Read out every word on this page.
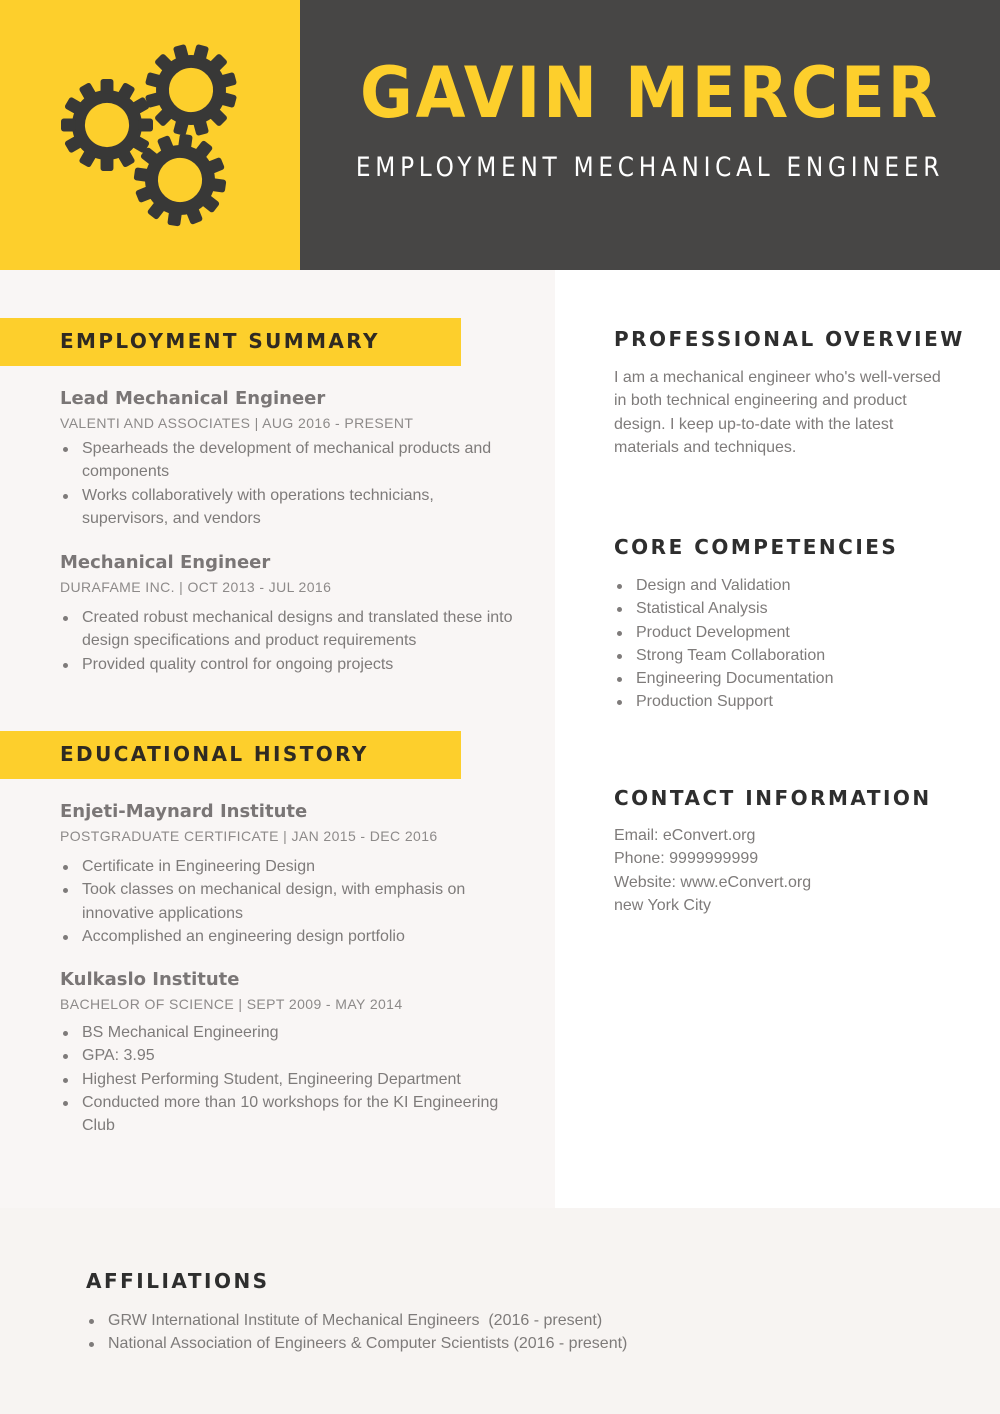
GAVIN MERCER
EMPLOYMENT MECHANICAL ENGINEER
EMPLOYMENT SUMMARY
Lead Mechanical Engineer
VALENTI AND ASSOCIATES | AUG 2016 - PRESENT
Spearheads the development of mechanical products and components
Works collaboratively with operations technicians, supervisors, and vendors
Mechanical Engineer
DURAFAME INC. | OCT 2013 - JUL 2016
Created robust mechanical designs and translated these into design specifications and product requirements
Provided quality control for ongoing projects
EDUCATIONAL HISTORY
Enjeti-Maynard Institute
POSTGRADUATE CERTIFICATE | JAN 2015 - DEC 2016
Certificate in Engineering Design
Took classes on mechanical design, with emphasis on innovative applications
Accomplished an engineering design portfolio
Kulkaslo Institute
BACHELOR OF SCIENCE | SEPT 2009 - MAY 2014
BS Mechanical Engineering
GPA: 3.95
Highest Performing Student, Engineering Department
Conducted more than 10 workshops for the KI Engineering Club
PROFESSIONAL OVERVIEW
I am a mechanical engineer who's well-versed in both technical engineering and product design. I keep up-to-date with the latest materials and techniques.
CORE COMPETENCIES
Design and Validation
Statistical Analysis
Product Development
Strong Team Collaboration
Engineering Documentation
Production Support
CONTACT INFORMATION
Email: eConvert.org
Phone: 9999999999
Website: www.eConvert.org
new York City
AFFILIATIONS
GRW International Institute of Mechanical Engineers  (2016 - present)
National Association of Engineers & Computer Scientists (2016 - present)
